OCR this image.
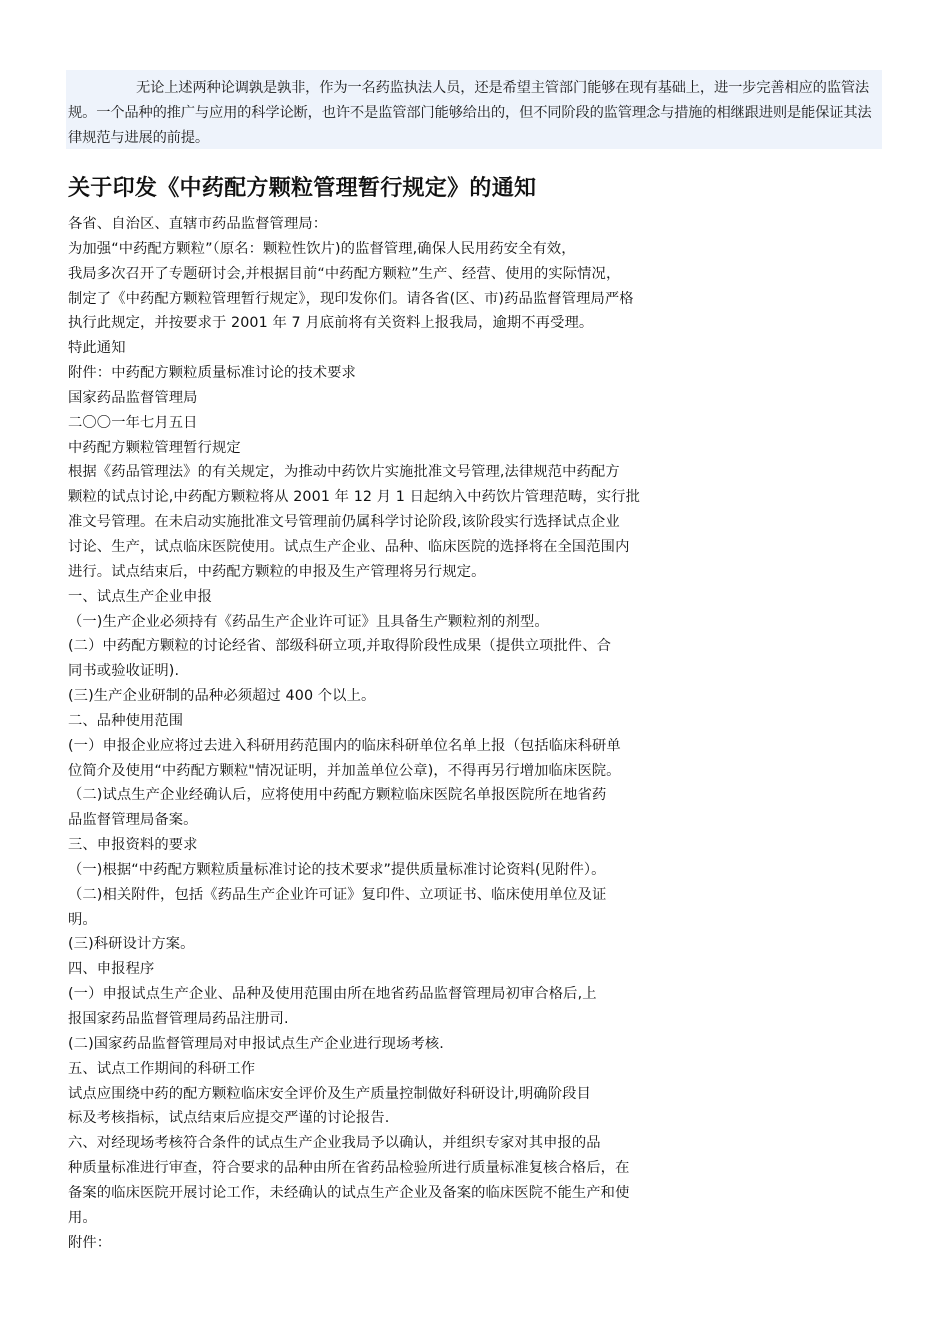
无论上述两种论调孰是孰非，作为一名药监执法人员，还是希望主管部门能够在现有基础上，进一步完善相应的监管法规。一个品种的推广与应用的科学论断，也许不是监管部门能够给出的，但不同阶段的监管理念与措施的相继跟进则是能保证其法律规范与进展的前提。
关于印发《中药配方颗粒管理暂行规定》的通知
各省、自治区、直辖市药品监督管理局：
为加强“中药配方颗粒”（原名：颗粒性饮片)的监督管理,确保人民用药安全有效，
我局多次召开了专题研讨会,并根据目前“中药配方颗粒”生产、经营、使用的实际情况，
制定了《中药配方颗粒管理暂行规定》，现印发你们。请各省(区、市)药品监督管理局严格
执行此规定，并按要求于 2001 年 7 月底前将有关资料上报我局，逾期不再受理。
特此通知
附件：中药配方颗粒质量标准讨论的技术要求
国家药品监督管理局
二〇〇一年七月五日
中药配方颗粒管理暂行规定
根据《药品管理法》的有关规定，为推动中药饮片实施批准文号管理,法律规范中药配方
颗粒的试点讨论,中药配方颗粒将从 2001 年 12 月 1 日起纳入中药饮片管理范畴，实行批
准文号管理。在未启动实施批准文号管理前仍属科学讨论阶段,该阶段实行选择试点企业
讨论、生产，试点临床医院使用。试点生产企业、品种、临床医院的选择将在全国范围内
进行。试点结束后，中药配方颗粒的申报及生产管理将另行规定。
一、试点生产企业申报
（一)生产企业必须持有《药品生产企业许可证》且具备生产颗粒剂的剂型。
(二）中药配方颗粒的讨论经省、部级科研立项,并取得阶段性成果（提供立项批件、合
同书或验收证明).
(三)生产企业研制的品种必须超过 400 个以上。
二、品种使用范围
(一）申报企业应将过去进入科研用药范围内的临床科研单位名单上报（包括临床科研单
位简介及使用“中药配方颗粒"情况证明，并加盖单位公章)，不得再另行增加临床医院。
（二)试点生产企业经确认后，应将使用中药配方颗粒临床医院名单报医院所在地省药
品监督管理局备案。
三、申报资料的要求
（一)根据“中药配方颗粒质量标准讨论的技术要求”提供质量标准讨论资料(见附件）。
（二)相关附件，包括《药品生产企业许可证》复印件、立项证书、临床使用单位及证
明。
(三)科研设计方案。
四、申报程序
(一）申报试点生产企业、品种及使用范围由所在地省药品监督管理局初审合格后,上
报国家药品监督管理局药品注册司.
(二)国家药品监督管理局对申报试点生产企业进行现场考核.
五、试点工作期间的科研工作
试点应围绕中药的配方颗粒临床安全评价及生产质量控制做好科研设计,明确阶段目
标及考核指标，试点结束后应提交严谨的讨论报告.
六、对经现场考核符合条件的试点生产企业我局予以确认，并组织专家对其申报的品
种质量标准进行审查，符合要求的品种由所在省药品检验所进行质量标准复核合格后，在
备案的临床医院开展讨论工作，未经确认的试点生产企业及备案的临床医院不能生产和使
用。
附件：
